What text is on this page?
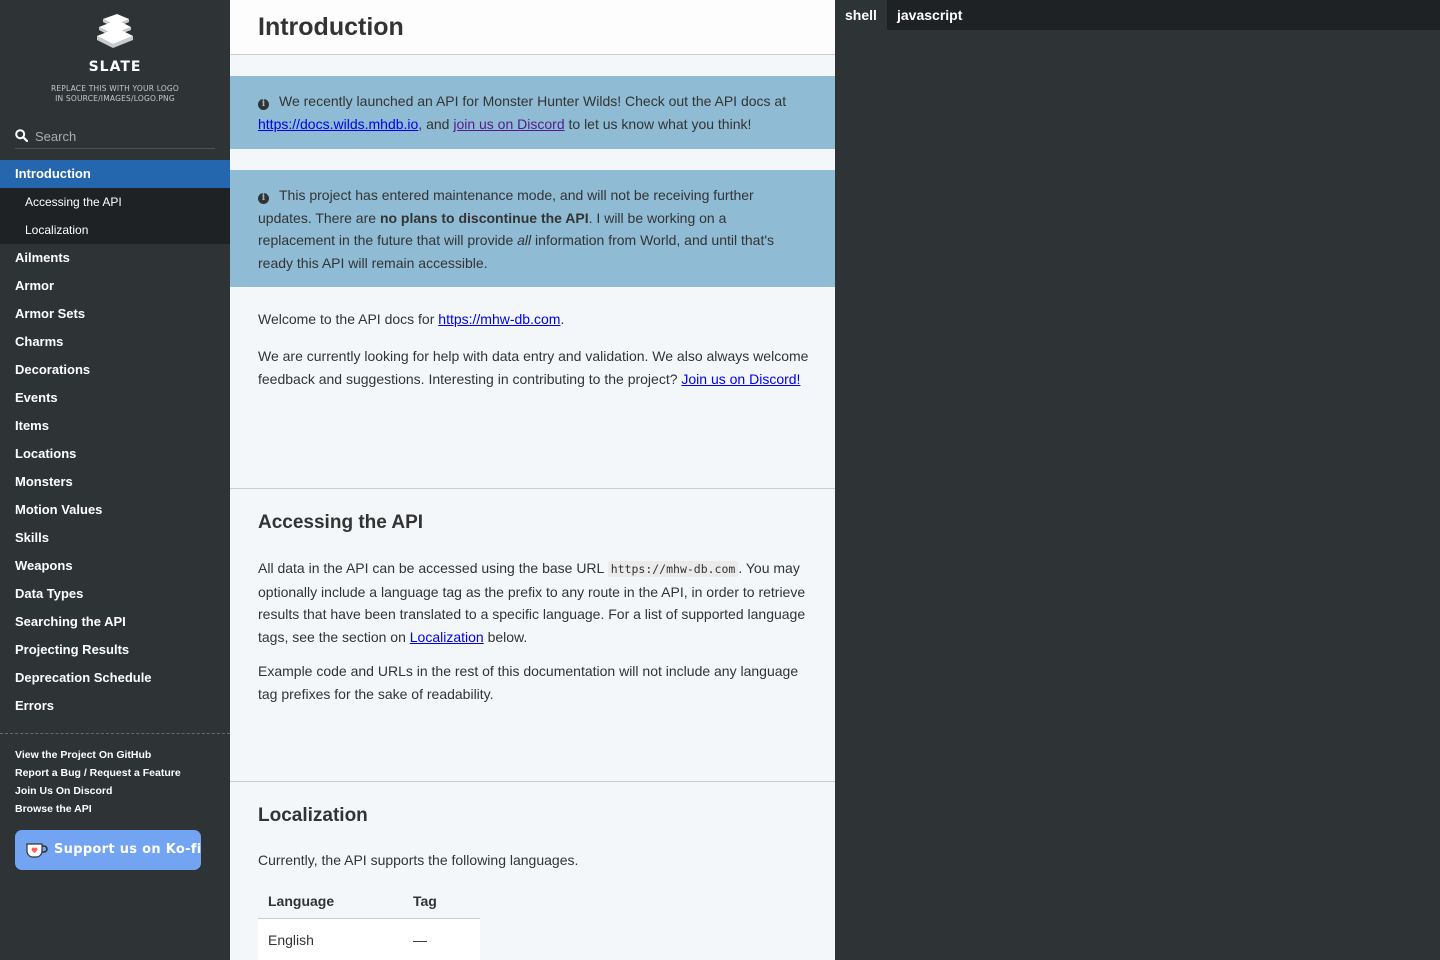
SLATE
REPLACE THIS WITH YOUR LOGO
IN SOURCE/IMAGES/LOGO.PNG
Search
Introduction
Accessing the API
Localization
Ailments
Armor
Armor Sets
Charms
Decorations
Events
Items
Locations
Monsters
Motion Values
Skills
Weapons
Data Types
Searching the API
Projecting Results
Deprecation Schedule
Errors
View the Project On GitHub
Report a Bug / Request a Feature
Join Us On Discord
Browse the API
Support us on Ko-fi
Introduction
i We recently launched an API for Monster Hunter Wilds! Check out the API docs at https://docs.wilds.mhdb.io, and join us on Discord to let us know what you think!
i This project has entered maintenance mode, and will not be receiving further updates. There are no plans to discontinue the API. I will be working on a replacement in the future that will provide all information from World, and until that's ready this API will remain accessible.

Welcome to the API docs for https://mhw-db.com.

We are currently looking for help with data entry and validation. We also always welcome feedback and suggestions. Interesting in contributing to the project? Join us on Discord!

Accessing the API

All data in the API can be accessed using the base URL https://mhw-db.com . You may optionally include a language tag as the prefix to any route in the API, in order to retrieve results that have been translated to a specific language. For a list of supported language tags, see the section on Localization below.

Example code and URLs in the rest of this documentation will not include any language tag prefixes for the sake of readability.

Localization

Currently, the API supports the following languages.

Language	Tag
English	—
shell	javascript
